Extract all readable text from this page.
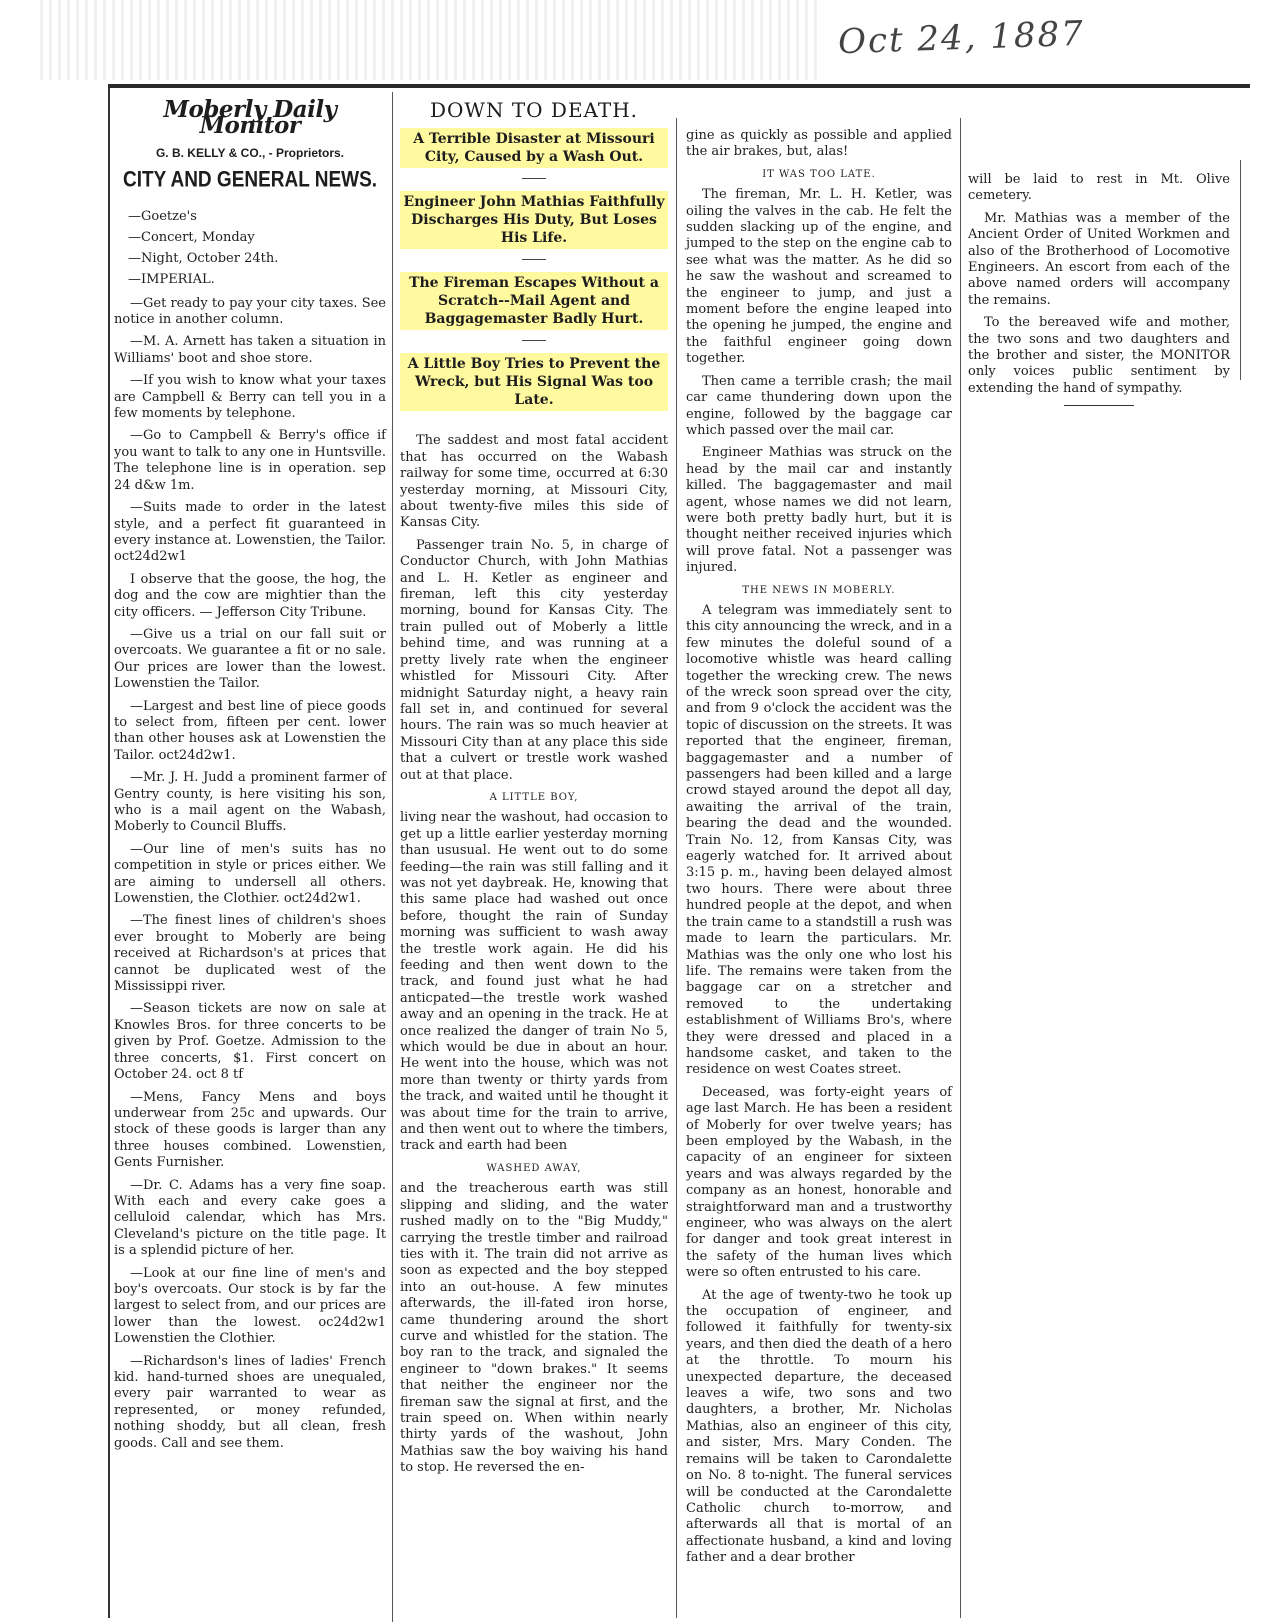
Oct 24, 1887
Moberly Daily Monitor
G. B. KELLY & CO., - Proprietors.
CITY AND GENERAL NEWS.
—Goetze's
—Concert, Monday
—Night, October 24th.
—IMPERIAL.

—Get ready to pay your city taxes. See notice in another column.

—M. A. Arnett has taken a situation in Williams' boot and shoe store.

—If you wish to know what your taxes are Campbell & Berry can tell you in a few moments by telephone.

—Go to Campbell & Berry's office if you want to talk to any one in Huntsville. The telephone line is in operation. sep 24 d&w 1m.

—Suits made to order in the latest style, and a perfect fit guaranteed in every instance at. Lowenstien, the Tailor. oct24d2w1

I observe that the goose, the hog, the dog and the cow are mightier than the city officers. — Jefferson City Tribune.

—Give us a trial on our fall suit or overcoats. We guarantee a fit or no sale. Our prices are lower than the lowest. Lowenstien the Tailor.

—Largest and best line of piece goods to select from, fifteen per cent. lower than other houses ask at Lowenstien the Tailor. oct24d2w1.

—Mr. J. H. Judd a prominent farmer of Gentry county, is here visiting his son, who is a mail agent on the Wabash, Moberly to Council Bluffs.

—Our line of men's suits has no competition in style or prices either. We are aiming to undersell all others. Lowenstien, the Clothier. oct24d2w1.

—The finest lines of children's shoes ever brought to Moberly are being received at Richardson's at prices that cannot be duplicated west of the Mississippi river.

—Season tickets are now on sale at Knowles Bros. for three concerts to be given by Prof. Goetze. Admission to the three concerts, $1. First concert on October 24. oct 8 tf

—Mens, Fancy Mens and boys underwear from 25c and upwards. Our stock of these goods is larger than any three houses combined. Lowenstien, Gents Furnisher.

—Dr. C. Adams has a very fine soap. With each and every cake goes a celluloid calendar, which has Mrs. Cleveland's picture on the title page. It is a splendid picture of her.

—Look at our fine line of men's and boy's overcoats. Our stock is by far the largest to select from, and our prices are lower than the lowest. oc24d2w1 Lowenstien the Clothier.

—Richardson's lines of ladies' French kid. hand-turned shoes are unequaled, every pair warranted to wear as represented, or money refunded, nothing shoddy, but all clean, fresh goods. Call and see them.

DOWN TO DEATH.
A Terrible Disaster at Missouri City, Caused by a Wash Out.
Engineer John Mathias Faithfully Discharges His Duty, But Loses His Life.
The Fireman Escapes Without a Scratch--Mail Agent and Baggagemaster Badly Hurt.
A Little Boy Tries to Prevent the Wreck, but His Signal Was too Late.

The saddest and most fatal accident that has occurred on the Wabash railway for some time, occurred at 6:30 yesterday morning, at Missouri City, about twenty-five miles this side of Kansas City.

Passenger train No. 5, in charge of Conductor Church, with John Mathias and L. H. Ketler as engineer and fireman, left this city yesterday morning, bound for Kansas City. The train pulled out of Moberly a little behind time, and was running at a pretty lively rate when the engineer whistled for Missouri City. After midnight Saturday night, a heavy rain fall set in, and continued for several hours. The rain was so much heavier at Missouri City than at any place this side that a culvert or trestle work washed out at that place.

A LITTLE BOY,

living near the washout, had occasion to get up a little earlier yesterday morning than ususual. He went out to do some feeding—the rain was still falling and it was not yet daybreak. He, knowing that this same place had washed out once before, thought the rain of Sunday morning was sufficient to wash away the trestle work again. He did his feeding and then went down to the track, and found just what he had anticpated—the trestle work washed away and an opening in the track. He at once realized the danger of train No 5, which would be due in about an hour. He went into the house, which was not more than twenty or thirty yards from the track, and waited until he thought it was about time for the train to arrive, and then went out to where the timbers, track and earth had been

WASHED AWAY,

and the treacherous earth was still slipping and sliding, and the water rushed madly on to the "Big Muddy," carrying the trestle timber and railroad ties with it. The train did not arrive as soon as expected and the boy stepped into an out-house. A few minutes afterwards, the ill-fated iron horse, came thundering around the short curve and whistled for the station. The boy ran to the track, and signaled the engineer to "down brakes." It seems that neither the engineer nor the fireman saw the signal at first, and the train speed on. When within nearly thirty yards of the washout, John Mathias saw the boy waiving his hand to stop. He reversed the en-

gine as quickly as possible and applied the air brakes, but, alas!

IT WAS TOO LATE.

The fireman, Mr. L. H. Ketler, was oiling the valves in the cab. He felt the sudden slacking up of the engine, and jumped to the step on the engine cab to see what was the matter. As he did so he saw the washout and screamed to the engineer to jump, and just a moment before the engine leaped into the opening he jumped, the engine and the faithful engineer going down together.

Then came a terrible crash; the mail car came thundering down upon the engine, followed by the baggage car which passed over the mail car.

Engineer Mathias was struck on the head by the mail car and instantly killed. The baggagemaster and mail agent, whose names we did not learn, were both pretty badly hurt, but it is thought neither received injuries which will prove fatal. Not a passenger was injured.

THE NEWS IN MOBERLY.

A telegram was immediately sent to this city announcing the wreck, and in a few minutes the doleful sound of a locomotive whistle was heard calling together the wrecking crew. The news of the wreck soon spread over the city, and from 9 o'clock the accident was the topic of discussion on the streets. It was reported that the engineer, fireman, baggagemaster and a number of passengers had been killed and a large crowd stayed around the depot all day, awaiting the arrival of the train, bearing the dead and the wounded. Train No. 12, from Kansas City, was eagerly watched for. It arrived about 3:15 p. m., having been delayed almost two hours. There were about three hundred people at the depot, and when the train came to a standstill a rush was made to learn the particulars. Mr. Mathias was the only one who lost his life. The remains were taken from the baggage car on a stretcher and removed to the undertaking establishment of Williams Bro's, where they were dressed and placed in a handsome casket, and taken to the residence on west Coates street.

Deceased, was forty-eight years of age last March. He has been a resident of Moberly for over twelve years; has been employed by the Wabash, in the capacity of an engineer for sixteen years and was always regarded by the company as an honest, honorable and straightforward man and a trustworthy engineer, who was always on the alert for danger and took great interest in the safety of the human lives which were so often entrusted to his care.

At the age of twenty-two he took up the occupation of engineer, and followed it faithfully for twenty-six years, and then died the death of a hero at the throttle. To mourn his unexpected departure, the deceased leaves a wife, two sons and two daughters, a brother, Mr. Nicholas Mathias, also an engineer of this city, and sister, Mrs. Mary Conden. The remains will be taken to Carondalette on No. 8 to-night. The funeral services will be conducted at the Carondalette Catholic church to-morrow, and afterwards all that is mortal of an affectionate husband, a kind and loving father and a dear brother

will be laid to rest in Mt. Olive cemetery.

Mr. Mathias was a member of the Ancient Order of United Workmen and also of the Brotherhood of Locomotive Engineers. An escort from each of the above named orders will accompany the remains.

To the bereaved wife and mother, the two sons and two daughters and the brother and sister, the MONITOR only voices public sentiment by extending the hand of sympathy.
